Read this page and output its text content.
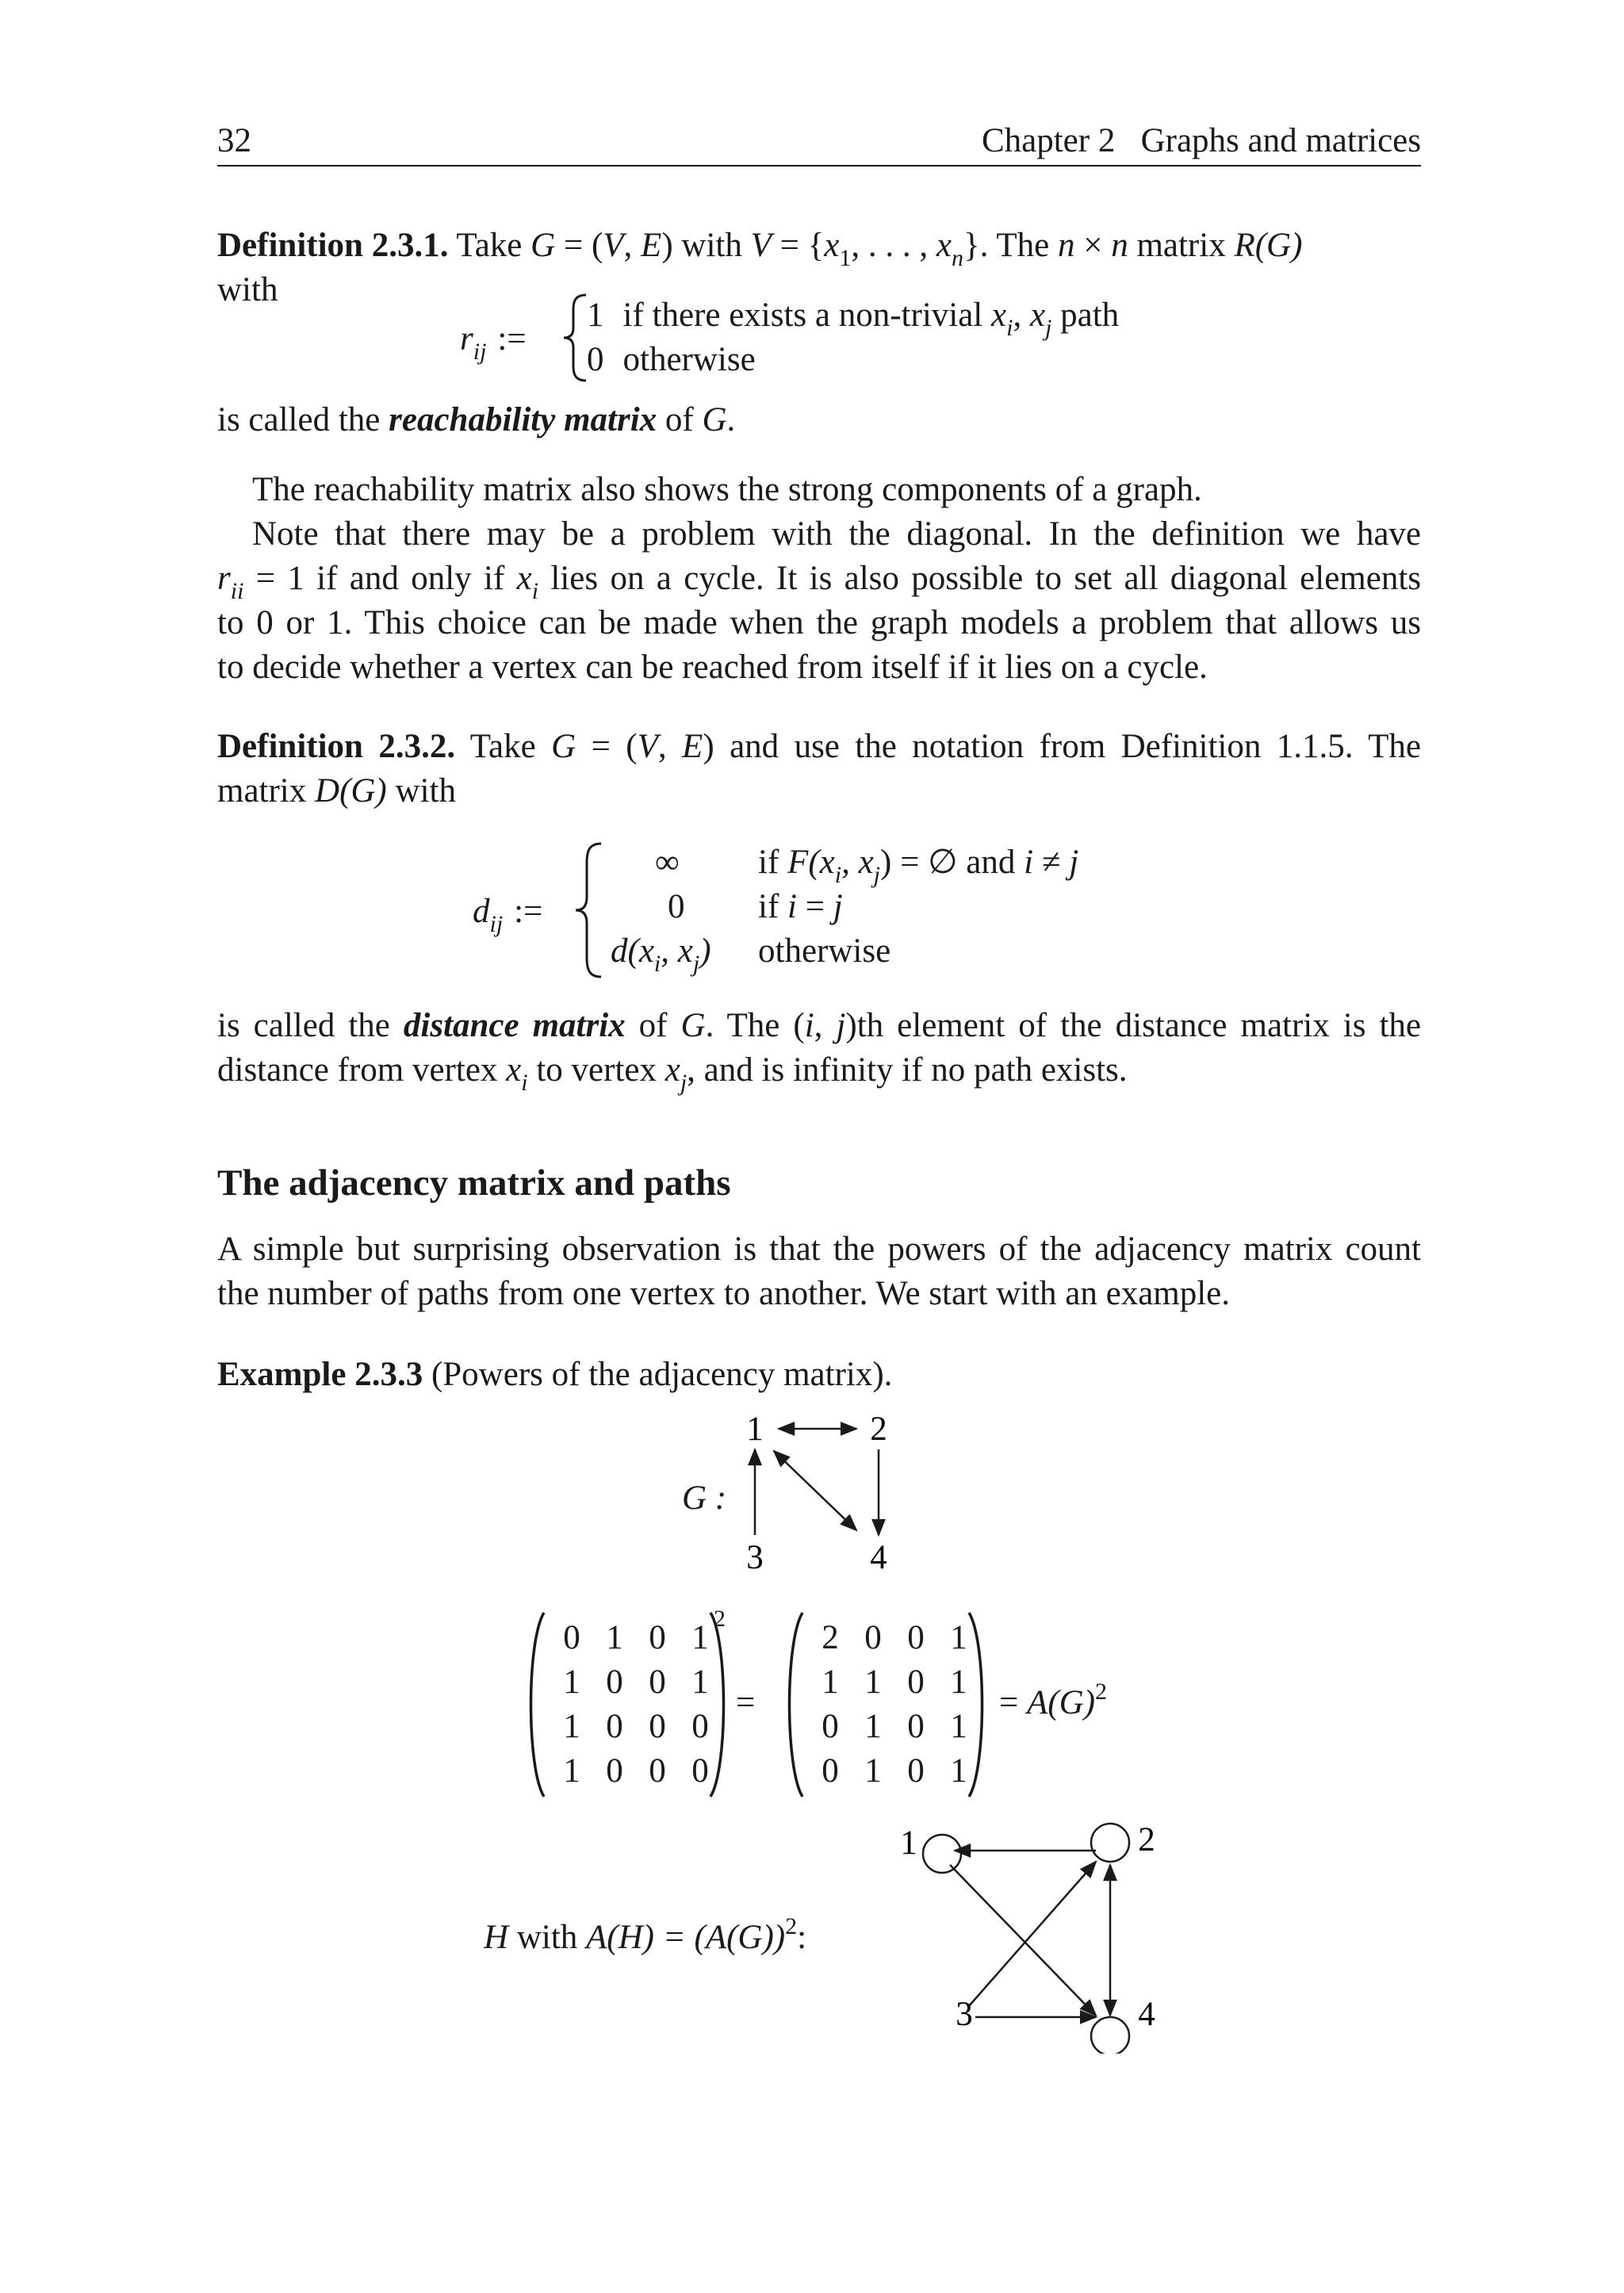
32	Chapter 2   Graphs and matrices
Definition 2.3.1. Take G = (V, E) with $V = \{x_1$, . . . , $x_n$}. The n × n matrix R(G)
with
$r_{ij}$ :=
1 if there exists a non-trivial $x_i$, $x_j$ path
0 otherwise
is called the reachability matrix of G.
The reachability matrix also shows the strong components of a graph.
Note that there may be a problem with the diagonal. In the definition we have
$r_{ii} = 1$ if and only if $x_i$ lies on a cycle. It is also possible to set all diagonal elements
to 0 or 1. This choice can be made when the graph models a problem that allows us
to decide whether a vertex can be reached from itself if it lies on a cycle.
Definition 2.3.2. Take G = (V, E) and use the notation from Definition 1.1.5. The
matrix D(G) with
$d_{ij}$ :=
∞ if $F(x_i$, $x_j$) = ∅ and i ≠ j
0 if i = j
$d(x_i$, $x_j$) otherwise
is called the distance matrix of G. The (i, j)th element of the distance matrix is the
distance from vertex $x_i$ to vertex $x_j$, and is infinity if no path exists.
The adjacency matrix and paths
A simple but surprising observation is that the powers of the adjacency matrix count
the number of paths from one vertex to another. We start with an example.
Example 2.3.3 (Powers of the adjacency matrix).
G :
1	2
3	4
0 1 0 1
1 0 0 1
1 0 0 0
1 0 0 0
2
=
2 0 0 1
1 1 0 1
0 1 0 1
0 1 0 1
= $A(G)^2$
H with $A(H) = (A(G))^2$:
1	2
3	4
